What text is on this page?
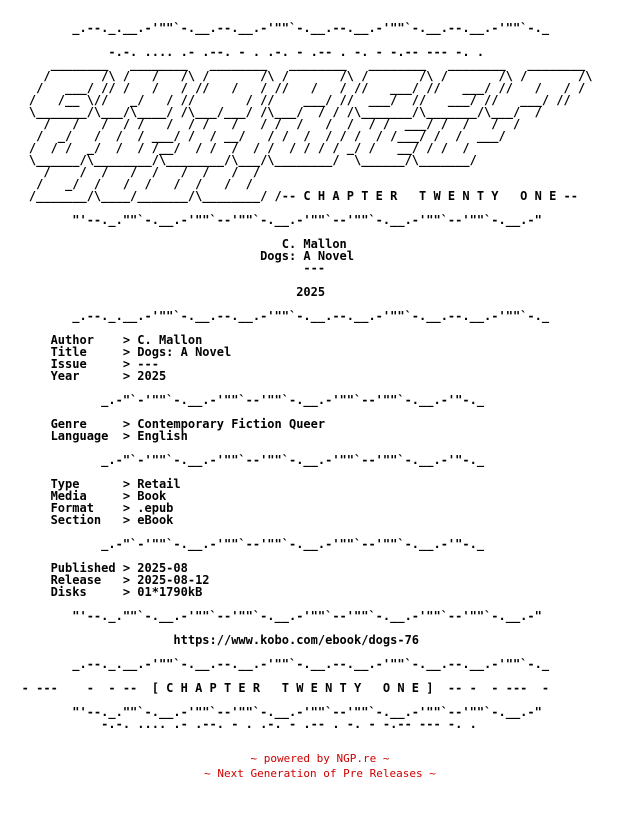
_.--._.__.-'""`-.__.--.__.-'""`-.__.--.__.-'""`-.__.--.__.-'""`-._
-.-. .... .- .--. - . .-. - .-- . -. - -.-- --- -. .
________   ________   ________   ________   ________   ________   ________
/       /\ /   /   /\ /       /\ /       /\ /       /\ /       /\ /       /\
/   ___/ // /   /   / //   /   / //   /   / //   ___/ //   ___/ //   /   / /
/   /__ \//   _/   / //       / //    ___/ //  ___/  //   ___/ //   ___/ //
\_______/\___/\____/ /\___/___/ /\___/  / / /\_______/\_______/\___/  /
/   /   /  / /   /  / /   /   / /  /   /  /  / /  ___/ /  /   /  /
/  _/   /  /  / ___/ /  / __/   / /  /  / / /  / /___/ /  /  ___/
/  / /  _/  /  / /__/  / /  /  / /  / / / / _/ /   __/ / /  /
\______/\________/\________/\___/\________/  \______/\_______/
/    /  /   /  /   /  /   /  /
/   _/  /   /  /   /  /   /  /
/_______/\____/_______/\________/ /-- C H A P T E R   T W E N T Y   O N E --
"'--._.""`-.__.-'""`--'""`-.__.-'""`--'""`-.__.-'""`--'""`-.__.-"
C. Mallon
Dogs: A Novel
---
2025
_.--._.__.-'""`-.__.--.__.-'""`-.__.--.__.-'""`-.__.--.__.-'""`-._
Author    > C. Mallon
Title     > Dogs: A Novel
Issue     > ---
Year      > 2025
_.-"`-'""`-.__.-'""`--'""`-.__.-'""`--'""`-.__.-'"-._
Genre     > Contemporary Fiction Queer
Language  > English
_.-"`-'""`-.__.-'""`--'""`-.__.-'""`--'""`-.__.-'"-._
Type      > Retail
Media     > Book
Format    > .epub
Section   > eBook
_.-"`-'""`-.__.-'""`--'""`-.__.-'""`--'""`-.__.-'"-._
Published > 2025-08
Release   > 2025-08-12
Disks     > 01*1790kB
"'--._.""`-.__.-'""`--'""`-.__.-'""`--'""`-.__.-'""`--'""`-.__.-"
https://www.kobo.com/ebook/dogs-76
_.--._.__.-'""`-.__.--.__.-'""`-.__.--.__.-'""`-.__.--.__.-'""`-._
- ---    -  - --  [ C H A P T E R   T W E N T Y   O N E ]  -- -  - ---  -
"'--._.""`-.__.-'""`--'""`-.__.-'""`--'""`-.__.-'""`--'""`-.__.-"
-.-. .... .- .--. - . .-. - .-- . -. - -.-- --- -. .
~ powered by NGP.re ~
~ Next Generation of Pre Releases ~
